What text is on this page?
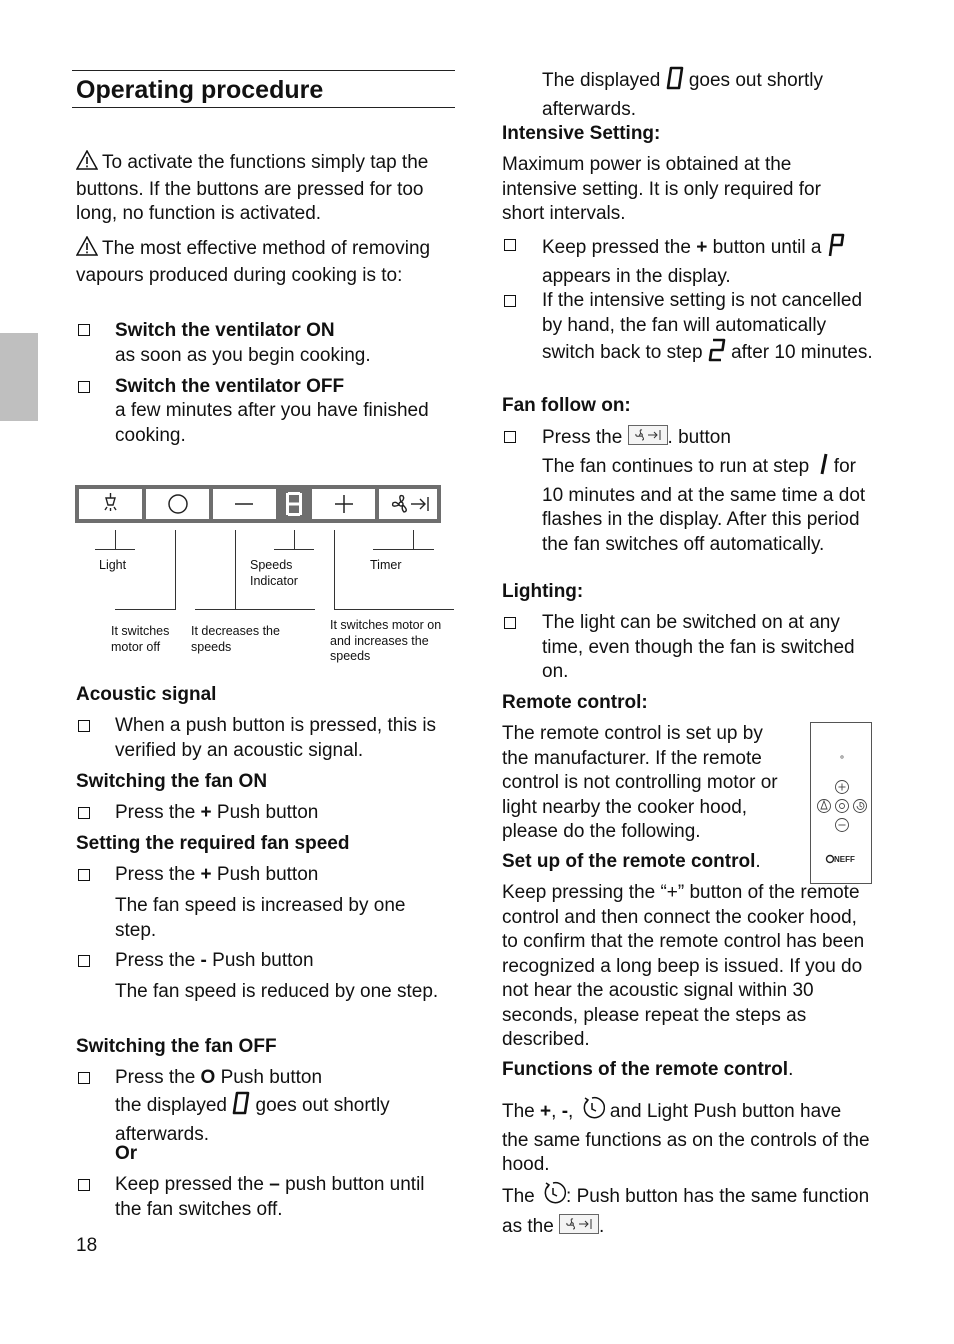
Operating procedure

To activate the functions simply tap the buttons. If the buttons are pressed for too long, no function is activated.

The most effective method of removing vapours produced during cooking is to:

Switch the ventilator ON

as soon as you begin cooking.

Switch the ventilator OFF

a few minutes after you have finished cooking.

Light	Speeds Indicator

Timer

It switches motor off

It decreases the speeds

It switches motor on and increases the speeds

Acoustic signal

When a push button is pressed, this is verified by an acoustic signal.

Switching the fan ON

Press the + Push button

Setting the required fan speed

Press the + Push button

The fan speed is increased by one step.

Press the - Push button

The fan speed is reduced by one step.

Switching the fan OFF

Press the O Push button

the displayed  goes out shortly afterwards.

Or

Keep pressed the – push button until the fan switches off.

18

The displayed  goes out shortly afterwards.

Intensive Setting:

Maximum power is obtained at the intensive setting. It is only required for short intervals.

Keep pressed the + button until a
appears in the display.

If the intensive setting is not cancelled by hand, the fan will automatically switch back to step  after 10 minutes.

Fan follow on:

Press the
. button

The fan continues to run at step  for 10 minutes and at the same time a dot flashes in the display. After this period the fan switches off automatically.

Lighting:

The light can be switched on at any time, even though the fan is switched on.

Remote control:

The remote control is set up by the manufacturer. If the remote control is not controlling motor or light nearby the cooker hood, please do the following.

NEFF

Set up of the remote control.

Keep pressing the “+” button of the remote control and then connect the cooker hood, to confirm that the remote control has been recognized a long beep is issued. If you do not hear the acoustic signal within 30 seconds, please repeat the steps as described.

Functions of the remote control.

The +, -,  and Light Push button have the same functions as on the controls of the hood.

The : Push button has the same function as the
.
